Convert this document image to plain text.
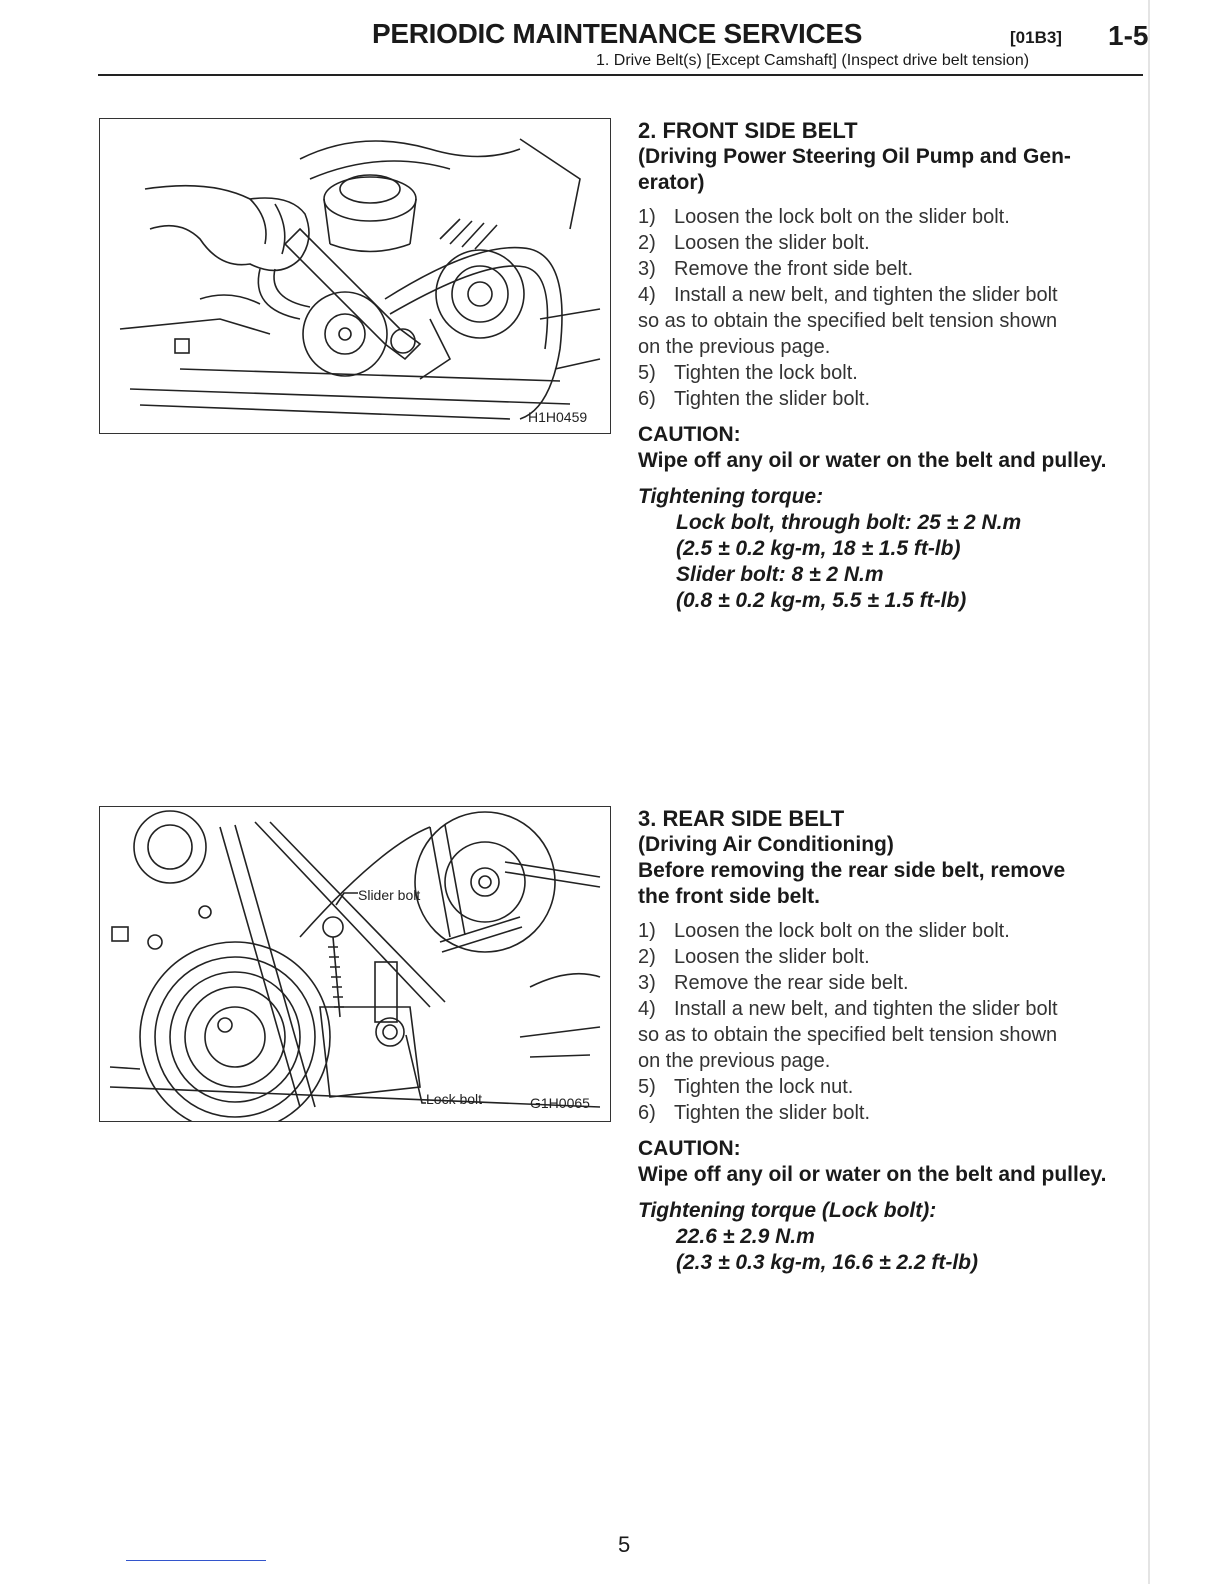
PERIODIC MAINTENANCE SERVICES	[01B3] 1-5
1. Drive Belt(s) [Except Camshaft] (Inspect drive belt tension)
H1H0459
2. FRONT SIDE BELT
(Driving Power Steering Oil Pump and Gen-
erator)
1) Loosen the lock bolt on the slider bolt.
2) Loosen the slider bolt.
3) Remove the front side belt.
4) Install a new belt, and tighten the slider bolt
so as to obtain the specified belt tension shown
on the previous page.
5) Tighten the lock bolt.
6) Tighten the slider bolt.
CAUTION:
Wipe off any oil or water on the belt and pulley.
Tightening torque:
Lock bolt, through bolt: 25 ± 2 N.m
(2.5 ± 0.2 kg-m, 18 ± 1.5 ft-lb)
Slider bolt: 8 ± 2 N.m
(0.8 ± 0.2 kg-m, 5.5 ± 1.5 ft-lb)
Slider bolt
Lock bolt	G1H0065
3. REAR SIDE BELT
(Driving Air Conditioning)
Before removing the rear side belt, remove
the front side belt.
1) Loosen the lock bolt on the slider bolt.
2) Loosen the slider bolt.
3) Remove the rear side belt.
4) Install a new belt, and tighten the slider bolt
so as to obtain the specified belt tension shown
on the previous page.
5) Tighten the lock nut.
6) Tighten the slider bolt.
CAUTION:
Wipe off any oil or water on the belt and pulley.
Tightening torque (Lock bolt):
22.6 ± 2.9 N.m
(2.3 ± 0.3 kg-m, 16.6 ± 2.2 ft-lb)
5
